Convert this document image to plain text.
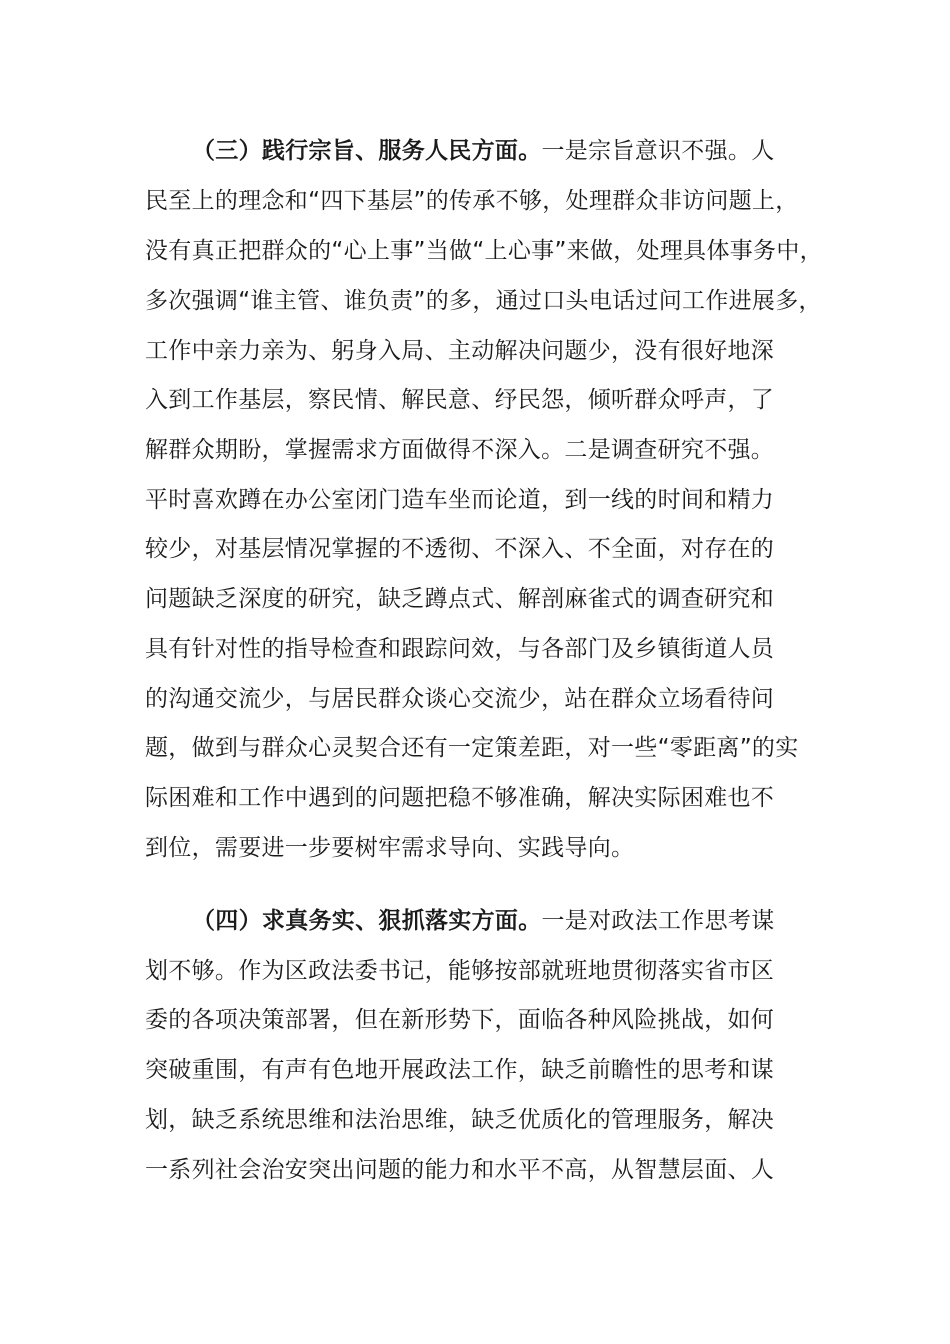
（三）践行宗旨、服务人民方面。一是宗旨意识不强。人
民至上的理念和“四下基层”的传承不够，处理群众非访问题上，
没有真正把群众的“心上事”当做“上心事”来做，处理具体事务中，
多次强调“谁主管、谁负责”的多，通过口头电话过问工作进展多，
工作中亲力亲为、躬身入局、主动解决问题少，没有很好地深
入到工作基层，察民情、解民意、纾民怨，倾听群众呼声，了
解群众期盼，掌握需求方面做得不深入。二是调查研究不强。
平时喜欢蹲在办公室闭门造车坐而论道，到一线的时间和精力
较少，对基层情况掌握的不透彻、不深入、不全面，对存在的
问题缺乏深度的研究，缺乏蹲点式、解剖麻雀式的调查研究和
具有针对性的指导检查和跟踪问效，与各部门及乡镇街道人员
的沟通交流少，与居民群众谈心交流少，站在群众立场看待问
题，做到与群众心灵契合还有一定策差距，对一些“零距离”的实
际困难和工作中遇到的问题把稳不够准确，解决实际困难也不
到位，需要进一步要树牢需求导向、实践导向。
（四）求真务实、狠抓落实方面。一是对政法工作思考谋
划不够。作为区政法委书记，能够按部就班地贯彻落实省市区
委的各项决策部署，但在新形势下，面临各种风险挑战，如何
突破重围，有声有色地开展政法工作，缺乏前瞻性的思考和谋
划，缺乏系统思维和法治思维，缺乏优质化的管理服务，解决
一系列社会治安突出问题的能力和水平不高，从智慧层面、人
